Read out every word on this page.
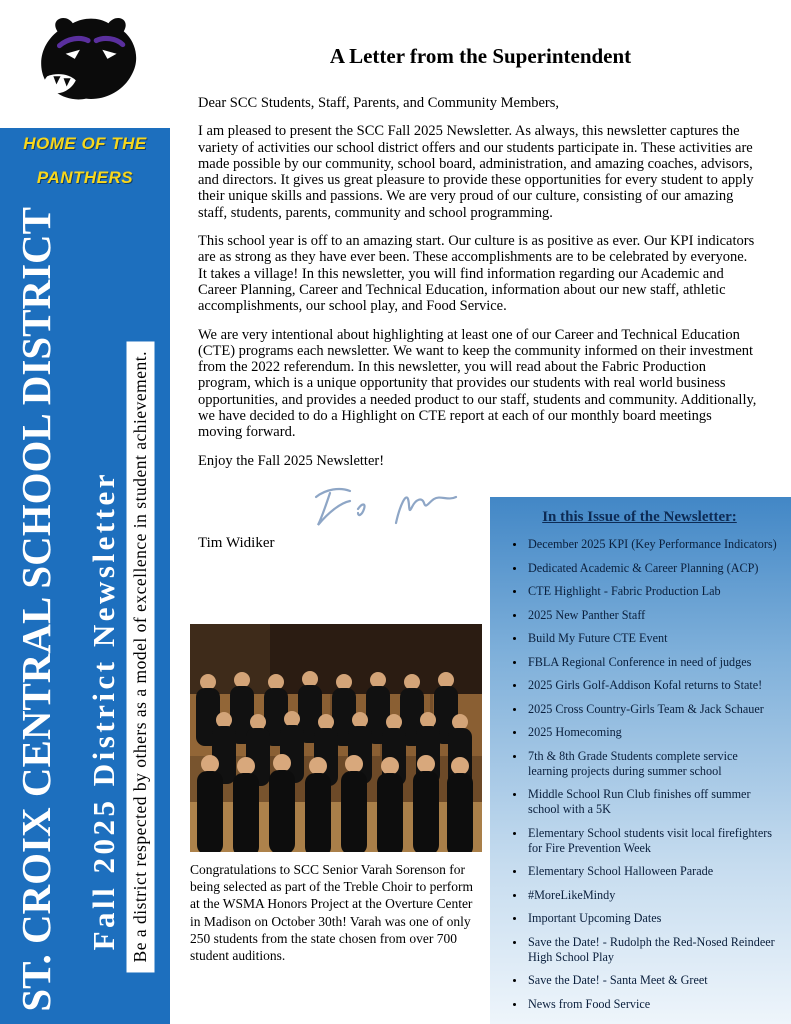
HOME OF THE
PANTHERS
ST. CROIX CENTRAL SCHOOL DISTRICT Fall 2025 District Newsletter Be a district respected by others as a model of excellence in student achievement.
A Letter from the Superintendent

Dear SCC Students, Staff, Parents, and Community Members,

I am pleased to present the SCC Fall 2025 Newsletter. As always, this newsletter captures the variety of activities our school district offers and our students participate in. These activities are made possible by our community, school board, administration, and amazing coaches, advisors, and directors. It gives us great pleasure to provide these opportunities for every student to apply their unique skills and passions. We are very proud of our culture, consisting of our amazing staff, students, parents, community and school programming.

This school year is off to an amazing start. Our culture is as positive as ever. Our KPI indicators are as strong as they have ever been. These accomplishments are to be celebrated by everyone. It takes a village! In this newsletter, you will find information regarding our Academic and Career Planning, Career and Technical Education, information about our new staff, athletic accomplishments, our school play, and Food Service.

We are very intentional about highlighting at least one of our Career and Technical Education (CTE) programs each newsletter. We want to keep the community informed on their investment from the 2022 referendum. In this newsletter, you will read about the Fabric Production program, which is a unique opportunity that provides our students with real world business opportunities, and provides a needed product to our staff, students and community. Additionally, we have decided to do a Highlight on CTE report at each of our monthly board meetings moving forward.

Enjoy the Fall 2025 Newsletter!

Tim Widiker
Congratulations to SCC Senior Varah Sorenson for being selected as part of the Treble Choir to perform at the WSMA Honors Project at the Overture Center in Madison on October 30th! Varah was one of only 250 students from the state chosen from over 700 student auditions.
In this Issue of the Newsletter:
• December 2025 KPI (Key Performance Indicators)
• Dedicated Academic & Career Planning (ACP)
• CTE Highlight - Fabric Production Lab
• 2025 New Panther Staff
• Build My Future CTE Event
• FBLA Regional Conference in need of judges
• 2025 Girls Golf-Addison Kofal returns to State!
• 2025 Cross Country-Girls Team & Jack Schauer
• 2025 Homecoming
• 7th & 8th Grade Students complete service learning projects during summer school
• Middle School Run Club finishes off summer school with a 5K
• Elementary School students visit local firefighters for Fire Prevention Week
• Elementary School Halloween Parade
• #MoreLikeMindy
• Important Upcoming Dates
• Save the Date! - Rudolph the Red-Nosed Reindeer High School Play
• Save the Date! - Santa Meet & Greet
• News from Food Service
